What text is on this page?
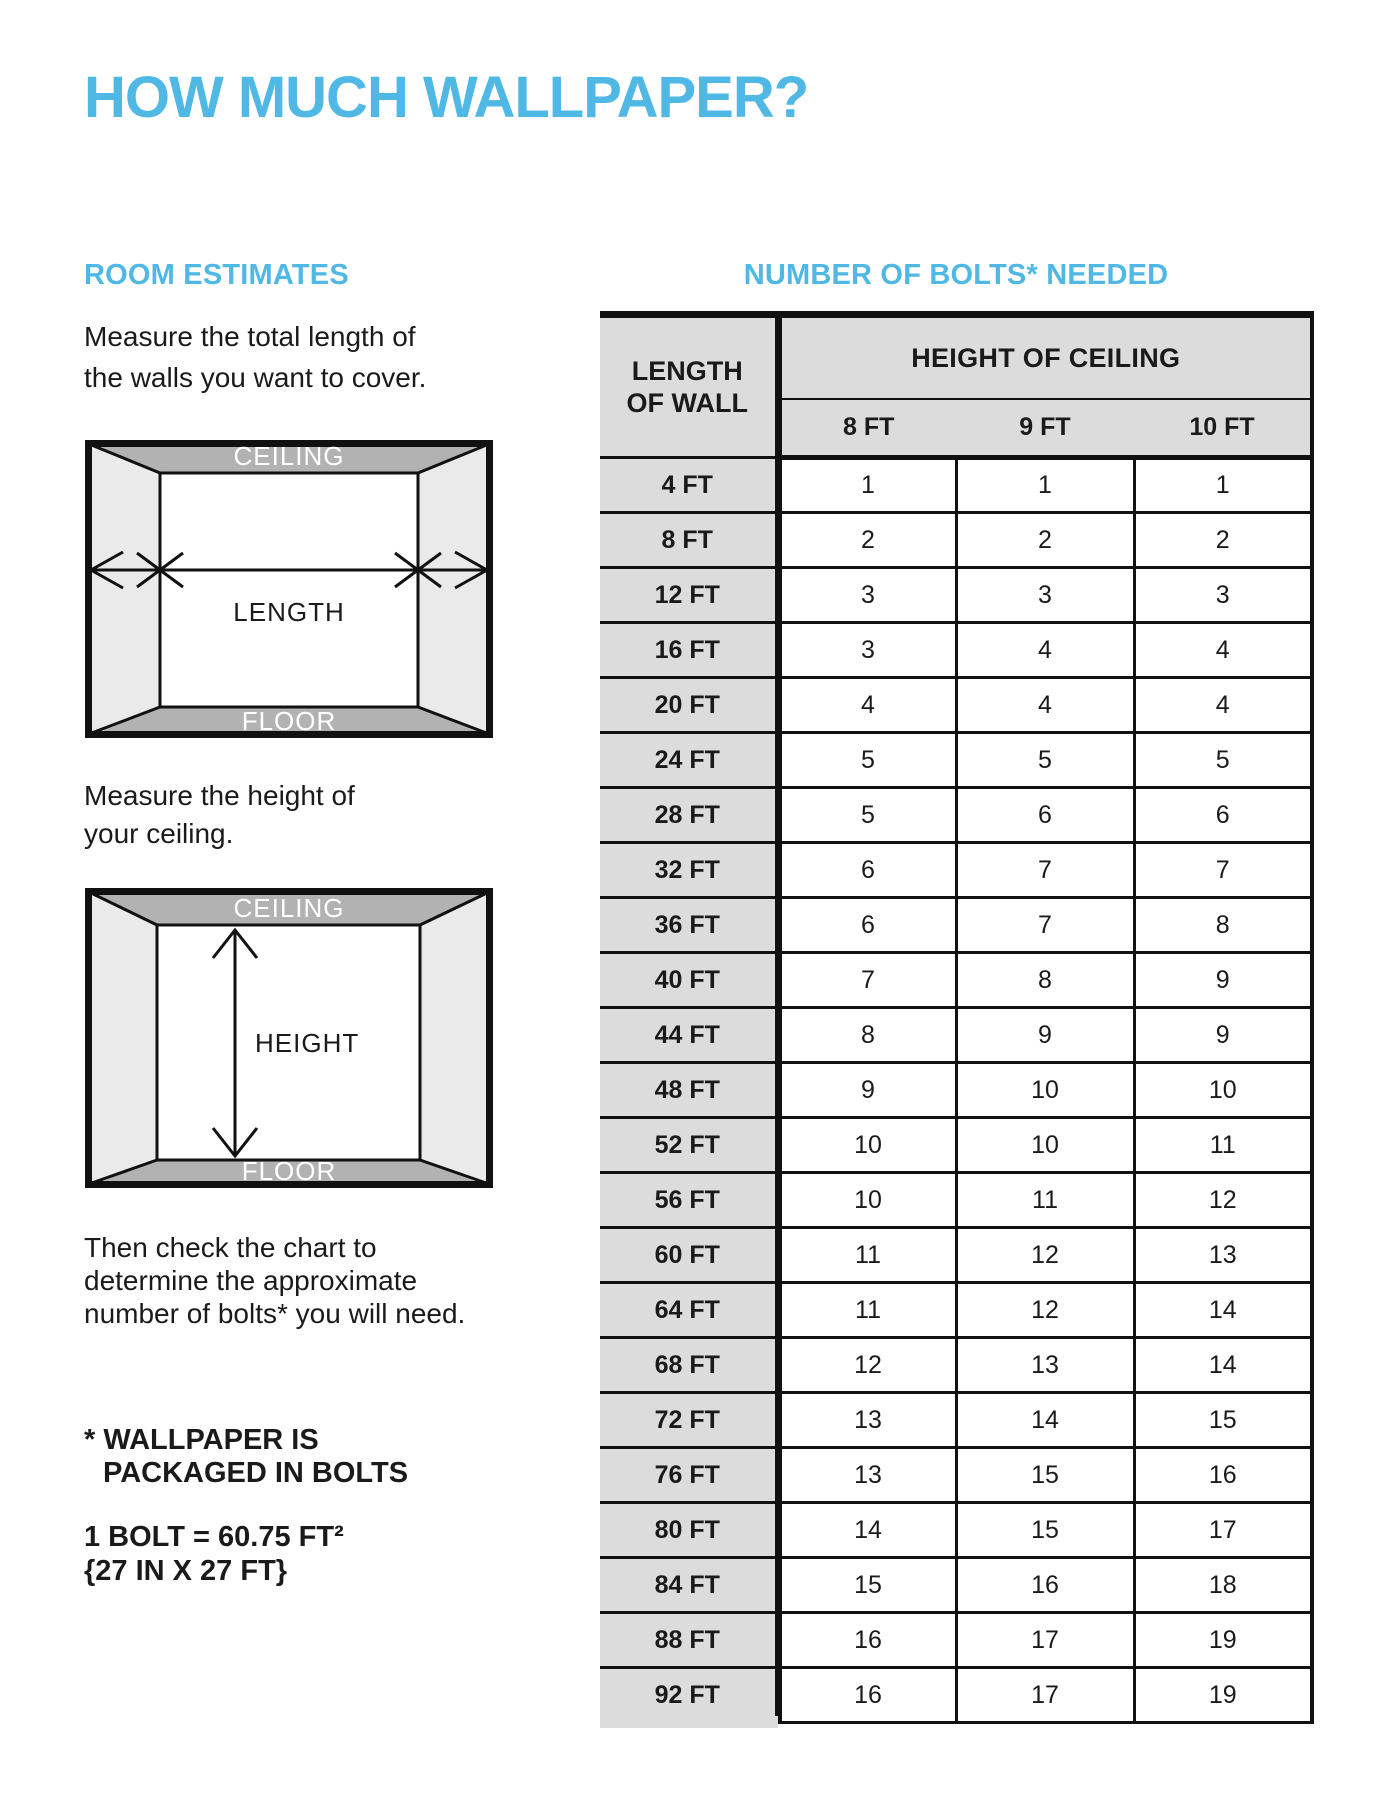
HOW MUCH WALLPAPER?
ROOM ESTIMATES
Measure the total length of
the walls you want to cover.
CEILING
LENGTH
FLOOR
Measure the height of
your ceiling.
CEILING
HEIGHT
FLOOR
Then check the chart to
determine the approximate
number of bolts* you will need.
* WALLPAPER IS
PACKAGED IN BOLTS
1 BOLT = 60.75 FT²
{27 IN X 27 FT}
NUMBER OF BOLTS* NEEDED
LENGTH
OF WALL	HEIGHT OF CEILING		
	8 FT	9 FT	10 FT
4 FT	1	1	1
8 FT	2	2	2
12 FT	3	3	3
16 FT	3	4	4
20 FT	4	4	4
24 FT	5	5	5
28 FT	5	6	6
32 FT	6	7	7
36 FT	6	7	8
40 FT	7	8	9
44 FT	8	9	9
48 FT	9	10	10
52 FT	10	10	11
56 FT	10	11	12
60 FT	11	12	13
64 FT	11	12	14
68 FT	12	13	14
72 FT	13	14	15
76 FT	13	15	16
80 FT	14	15	17
84 FT	15	16	18
88 FT	16	17	19
92 FT	16	17	19
